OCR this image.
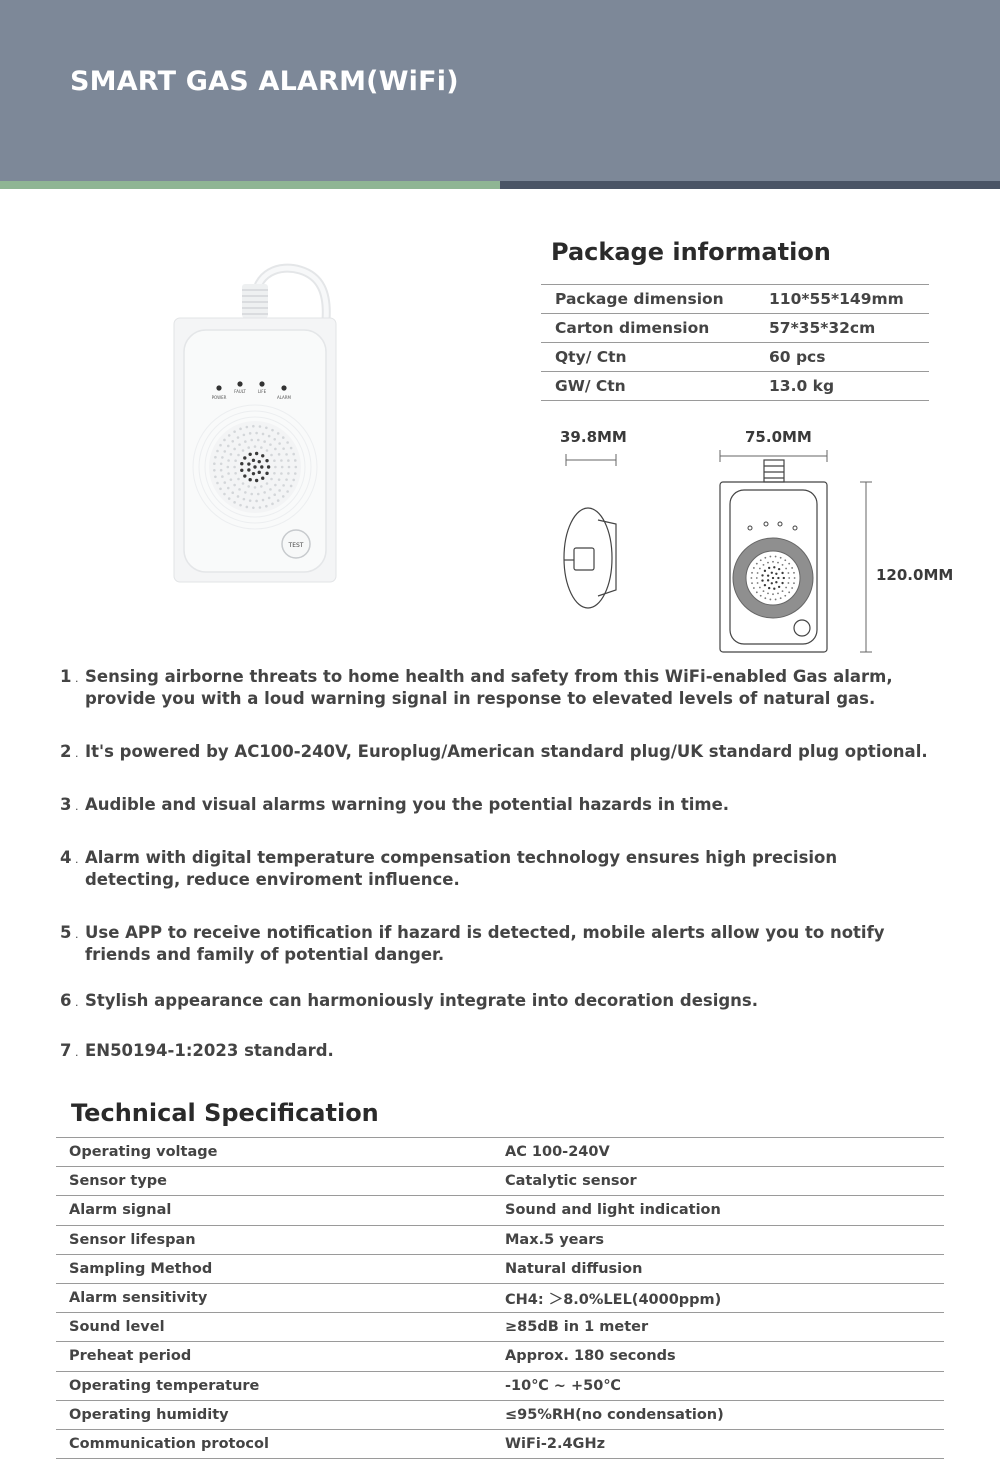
SMART GAS ALARM(WiFi)
POWER
FAULT	LIFE
ALARM
TEST
Package information
Package dimension	110*55*149mm
Carton dimension	57*35*32cm
Qty/ Ctn	60 pcs
GW/ Ctn	13.0 kg
39.8MM	75.0MM
120.0MM
1 . Sensing airborne threats to home health and safety from this WiFi-enabled Gas alarm, provide you with a loud warning signal in response to elevated levels of natural gas.
2 . It's powered by AC100-240V, Europlug/American standard plug/UK standard plug optional.
3 . Audible and visual alarms warning you the potential hazards in time.
4 . Alarm with digital temperature compensation technology ensures high precision detecting, reduce enviroment influence.
5 . Use APP to receive notification if hazard is detected, mobile alerts allow you to notify friends and family of potential danger.
6 . Stylish appearance can harmoniously integrate into decoration designs.
7 . EN50194-1:2023 standard.
Technical Specification
Operating voltage	AC 100-240V
Sensor type	Catalytic sensor
Alarm signal	Sound and light indication
Sensor lifespan	Max.5 years
Sampling Method	Natural diffusion
Alarm sensitivity	CH4: ＞8.0%LEL(4000ppm)
Sound level	≥85dB in 1 meter
Preheat period	Approx. 180 seconds
Operating temperature	-10℃ ~ +50℃
Operating humidity	≤95%RH(no condensation)
Communication protocol	WiFi-2.4GHz
